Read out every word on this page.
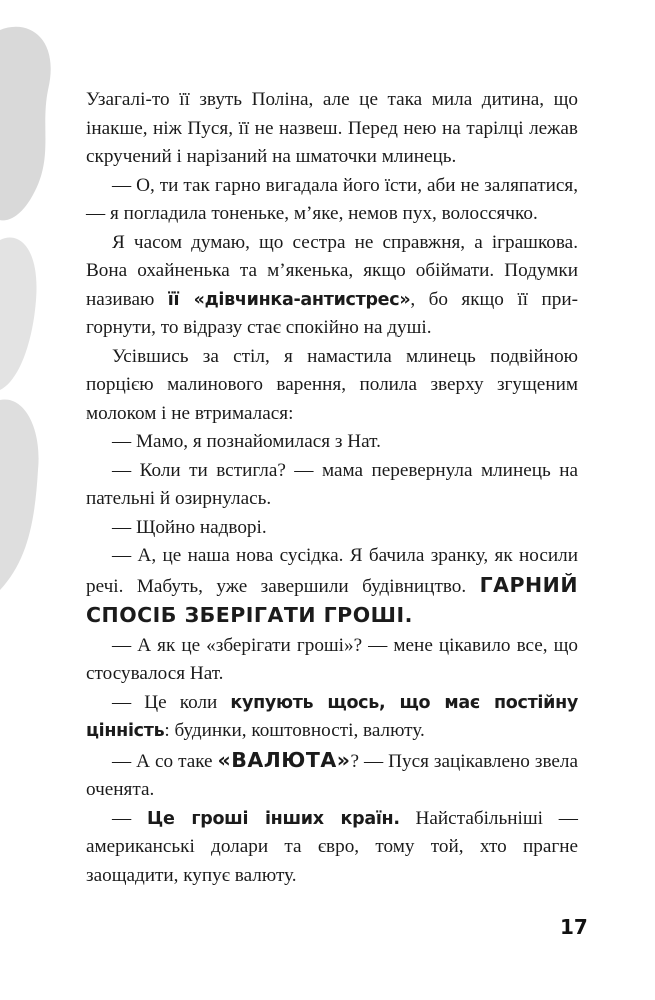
Узагалі-то її звуть Поліна, але це така мила дитина, що інакше, ніж Пуся, її не назвеш. Перед нею на тарілці лежав скручений і нарізаний на шматочки млинець.

— О, ти так гарно вигадала його їсти, аби не заляпатися, — я погладила тоненьке, м’яке, немов пух, волоссячко.

Я часом думаю, що сестра не справжня, а іграшкова. Вона охайненька та м’якенька, якщо обіймати. Подумки називаю її «дівчинка-антистрес», бо якщо її пригорнути, то відразу стає спокійно на душі.

Усівшись за стіл, я намастила млинець подвійною порцією малинового варення, полила зверху згущеним молоком і не втрималася:

— Мамо, я познайомилася з Нат.

— Коли ти встигла? — мама перевернула млинець на пательні й озирнулась.

— Щойно надворі.

— А, це наша нова сусідка. Я бачила зранку, як носили речі. Мабуть, уже завершили будівництво. ГАРНИЙ СПОСІБ ЗБЕРІГАТИ ГРОШІ.

— А як це «зберігати гроші»? — мене цікавило все, що стосувалося Нат.

— Це коли купують щось, що має постійну цінність: будинки, коштовності, валюту.

— А со таке «ВАЛЮТА»? — Пуся зацікавлено звела оченята.

— Це гроші інших країн. Найстабільніші — американські долари та євро, тому той, хто прагне заощадити, купує валюту.

17
